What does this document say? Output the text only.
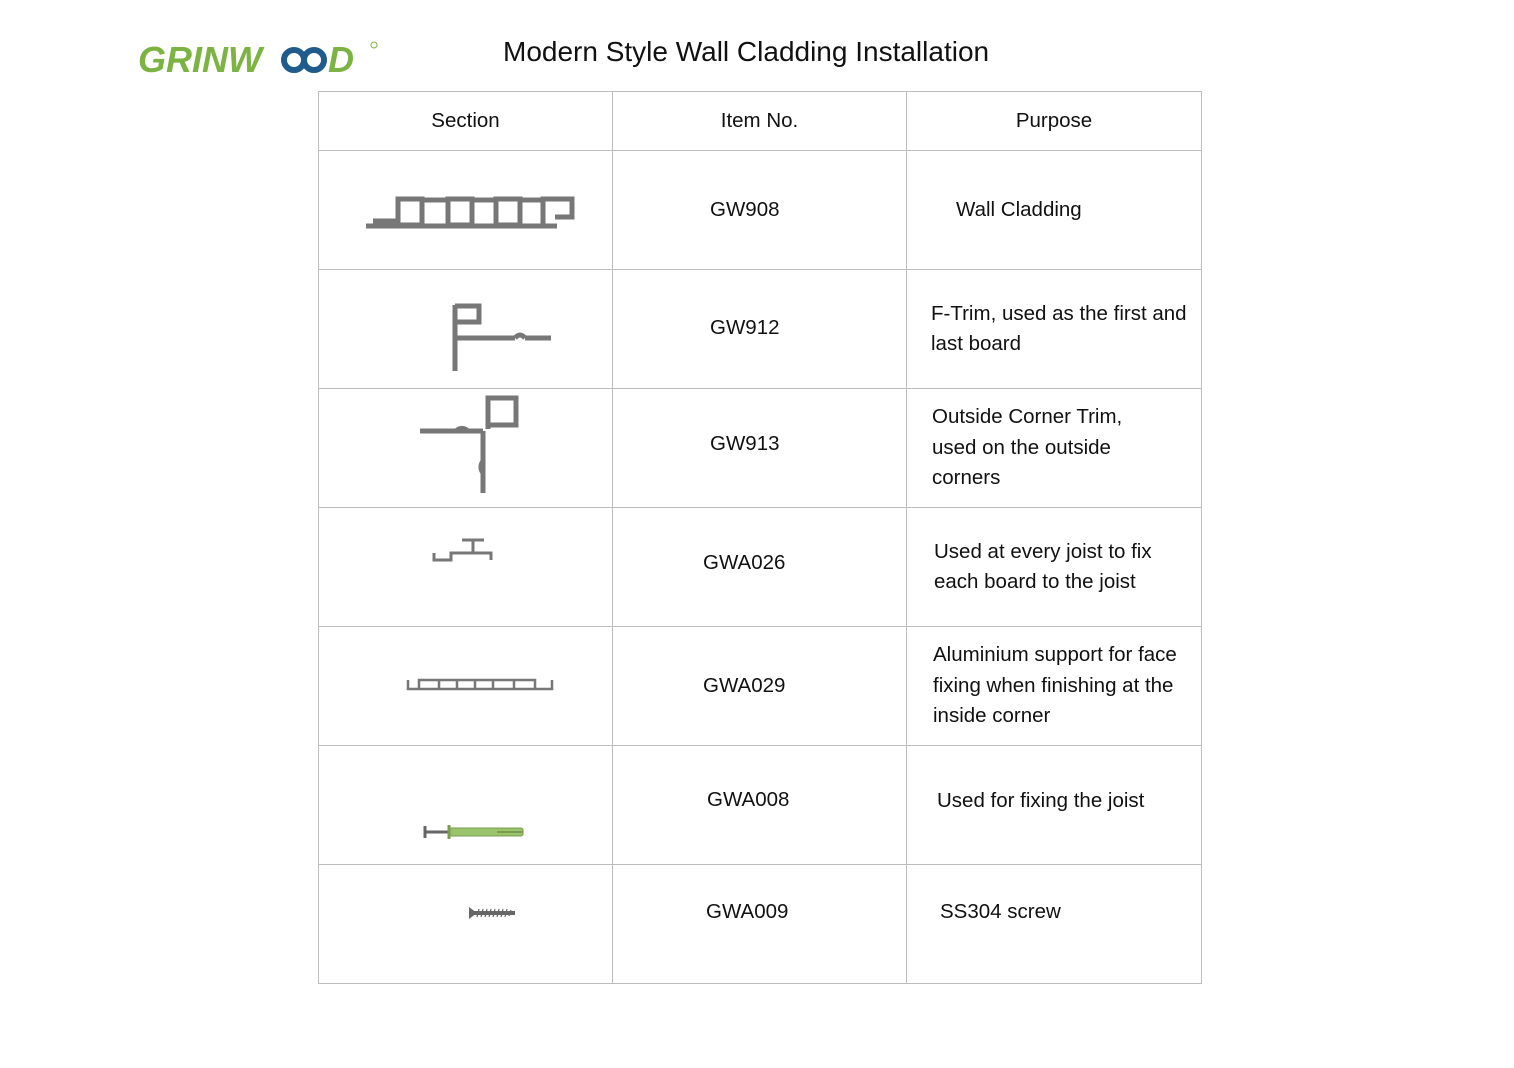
GRINW D	Modern Style Wall Cladding Installation
Section	Item No.	Purpose

	GW908	Wall Cladding

	GW912	F-Trim, used as the first and last board

	GW913	Outside Corner Trim, used on the outside corners

	GWA026	Used at every joist to fix each board to the joist

	GWA029	Aluminium support for face fixing when finishing at the inside corner

	GWA008	Used for fixing the joist

	GWA009	SS304 screw
